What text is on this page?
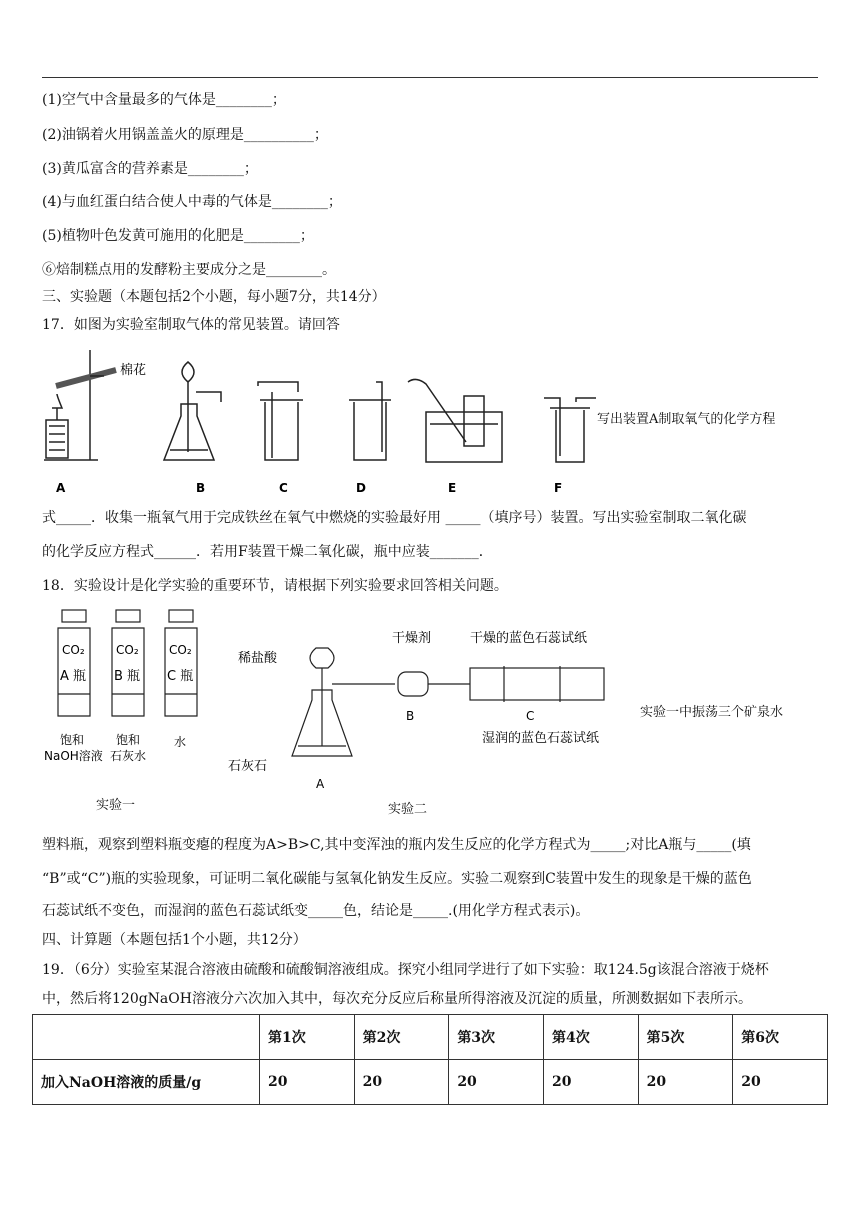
(1)空气中含量最多的气体是________；
(2)油锅着火用锅盖盖火的原理是__________；
(3)黄瓜富含的营养素是________；
(4)与血红蛋白结合使人中毒的气体是________；
(5)植物叶色发黄可施用的化肥是________；
⑥焙制糕点用的发酵粉主要成分之是________。
三、实验题（本题包括2个小题，每小题7分，共14分）
17．如图为实验室制取气体的常见装置。请回答
棉花
A	B	C	D	E	F
写出装置A制取氧气的化学方程
式_____．收集一瓶氧气用于完成铁丝在氧气中燃烧的实验最好用 _____（填序号）装置。写出实验室制取二氧化碳
的化学反应方程式______．若用F装置干燥二氧化碳，瓶中应装_______．
18．实验设计是化学实验的重要环节，请根据下列实验要求回答相关问题。
CO₂
A 瓶
CO₂
B 瓶
CO₂
C 瓶
饱和
NaOH溶液
饱和
石灰水
水
实验一
稀盐酸
干燥剂	干燥的蓝色石蕊试纸
B	C
湿润的蓝色石蕊试纸
石灰石
A
实验二
实验一中振荡三个矿泉水
塑料瓶，观察到塑料瓶变瘪的程度为A>B>C,其中变浑浊的瓶内发生反应的化学方程式为_____;对比A瓶与_____(填
“B”或“C”)瓶的实验现象，可证明二氧化碳能与氢氧化钠发生反应。实验二观察到C装置中发生的现象是干燥的蓝色
石蕊试纸不变色，而湿润的蓝色石蕊试纸变_____色，结论是_____.(用化学方程式表示)。
四、计算题（本题包括1个小题，共12分）
19．（6分）实验室某混合溶液由硫酸和硫酸铜溶液组成。探究小组同学进行了如下实验：取124.5g该混合溶液于烧杯
中，然后将120gNaOH溶液分六次加入其中，每次充分反应后称量所得溶液及沉淀的质量，所测数据如下表所示。
	第1次	第2次	第3次	第4次	第5次	第6次
加入NaOH溶液的质量/g	20	20	20	20	20	20
